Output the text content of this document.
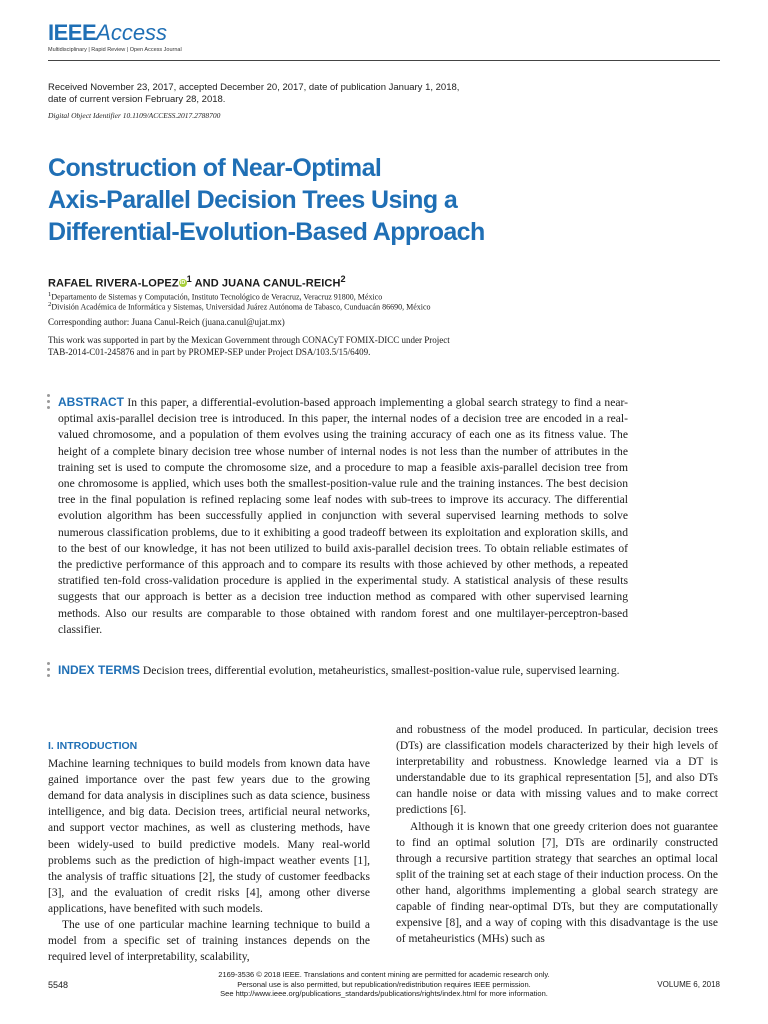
IEEEAccess
Multidisciplinary | Rapid Review | Open Access Journal
Received November 23, 2017, accepted December 20, 2017, date of publication January 1, 2018,
date of current version February 28, 2018.
Digital Object Identifier 10.1109/ACCESS.2017.2788700
Construction of Near-Optimal
Axis-Parallel Decision Trees Using a
Differential-Evolution-Based Approach
RAFAEL RIVERA-LOPEZiD$^1$ AND JUANA CANUL-REICH$^2$
$^1$Departamento de Sistemas y Computación, Instituto Tecnológico de Veracruz, Veracruz 91800, México
$^2$División Académica de Informática y Sistemas, Universidad Juárez Autónoma de Tabasco, Cunduacán 86690, México
Corresponding author: Juana Canul-Reich (juana.canul@ujat.mx)
This work was supported in part by the Mexican Government through CONACyT FOMIX-DICC under Project
TAB-2014-C01-245876 and in part by PROMEP-SEP under Project DSA/103.5/15/6409.
ABSTRACT In this paper, a differential-evolution-based approach implementing a global search strategy to find a near-optimal axis-parallel decision tree is introduced. In this paper, the internal nodes of a decision tree are encoded in a real-valued chromosome, and a population of them evolves using the training accuracy of each one as its fitness value. The height of a complete binary decision tree whose number of internal nodes is not less than the number of attributes in the training set is used to compute the chromosome size, and a procedure to map a feasible axis-parallel decision tree from one chromosome is applied, which uses both the smallest-position-value rule and the training instances. The best decision tree in the final population is refined replacing some leaf nodes with sub-trees to improve its accuracy. The differential evolution algorithm has been successfully applied in conjunction with several supervised learning methods to solve numerous classification problems, due to it exhibiting a good tradeoff between its exploitation and exploration skills, and to the best of our knowledge, it has not been utilized to build axis-parallel decision trees. To obtain reliable estimates of the predictive performance of this approach and to compare its results with those achieved by other methods, a repeated stratified ten-fold cross-validation procedure is applied in the experimental study. A statistical analysis of these results suggests that our approach is better as a decision tree induction method as compared with other supervised learning methods. Also our results are comparable to those obtained with random forest and one multilayer-perceptron-based classifier.
INDEX TERMS Decision trees, differential evolution, metaheuristics, smallest-position-value rule, supervised learning.
I. INTRODUCTION

Machine learning techniques to build models from known data have gained importance over the past few years due to the growing demand for data analysis in disciplines such as data science, business intelligence, and big data. Decision trees, artificial neural networks, and support vector machines, as well as clustering methods, have been widely-used to build predictive models. Many real-world problems such as the prediction of high-impact weather events [1], the analysis of traffic situations [2], the study of customer feedbacks [3], and the evaluation of credit risks [4], among other diverse applications, have benefited with such models.

The use of one particular machine learning technique to build a model from a specific set of training instances depends on the required level of interpretability, scalability,

and robustness of the model produced. In particular, decision trees (DTs) are classification models characterized by their high levels of interpretability and robustness. Knowledge learned via a DT is understandable due to its graphical representation [5], and also DTs can handle noise or data with missing values and to make correct predictions [6].

Although it is known that one greedy criterion does not guarantee to find an optimal solution [7], DTs are ordinarily constructed through a recursive partition strategy that searches an optimal local split of the training set at each stage of their induction process. On the other hand, algorithms implementing a global search strategy are capable of finding near-optimal DTs, but they are computationally expensive [8], and a way of coping with this disadvantage is the use of metaheuristics (MHs) such as

5548
2169-3536 © 2018 IEEE. Translations and content mining are permitted for academic research only.
Personal use is also permitted, but republication/redistribution requires IEEE permission.
See http://www.ieee.org/publications_standards/publications/rights/index.html for more information.
VOLUME 6, 2018
